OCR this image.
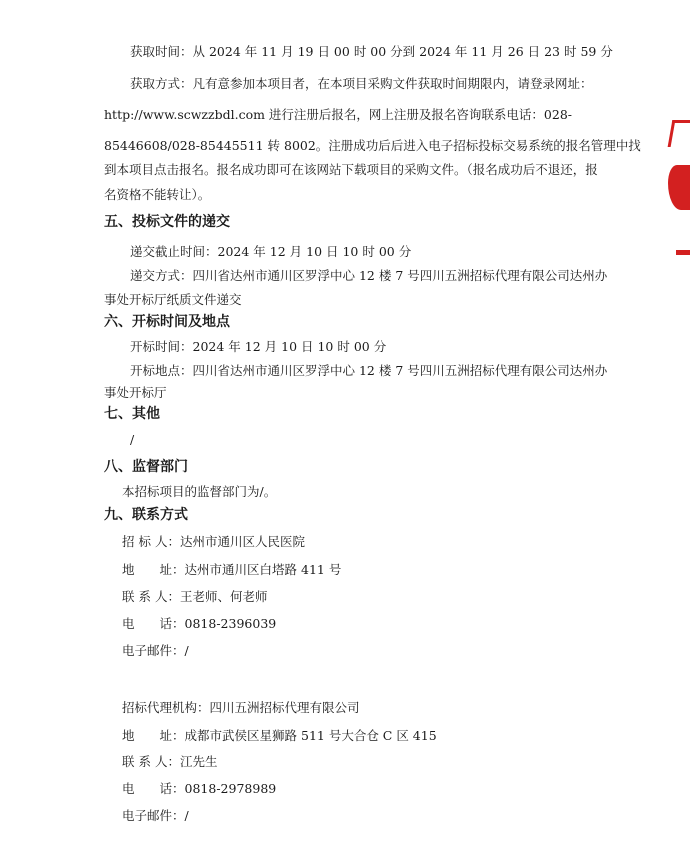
获取时间：从 2024 年 11 月 19 日 00 时 00 分到 2024 年 11 月 26 日 23 时 59 分
获取方式：凡有意参加本项目者，在本项目采购文件获取时间期限内，请登录网址：
http://www.scwzzbdl.com 进行注册后报名，网上注册及报名咨询联系电话：028-
85446608/028-85445511 转 8002。注册成功后后进入电子招标投标交易系统的报名管理中找
到本项目点击报名。报名成功即可在该网站下载项目的采购文件。（报名成功后不退还，报
名资格不能转让）。
五、投标文件的递交
递交截止时间：2024 年 12 月 10 日 10 时 00 分
递交方式：四川省达州市通川区罗浮中心 12 楼 7 号四川五洲招标代理有限公司达州办
事处开标厅纸质文件递交
六、开标时间及地点
开标时间：2024 年 12 月 10 日 10 时 00 分
开标地点：四川省达州市通川区罗浮中心 12 楼 7 号四川五洲招标代理有限公司达州办
事处开标厅
七、其他
/
八、监督部门
本招标项目的监督部门为/。
九、联系方式
招 标 人：达州市通川区人民医院
地　　址：达州市通川区白塔路 411 号
联 系 人：王老师、何老师
电　　话：0818-2396039
电子邮件：/
招标代理机构：四川五洲招标代理有限公司
地　　址：成都市武侯区星狮路 511 号大合仓 C 区 415
联 系 人：江先生
电　　话：0818-2978989
电子邮件：/
